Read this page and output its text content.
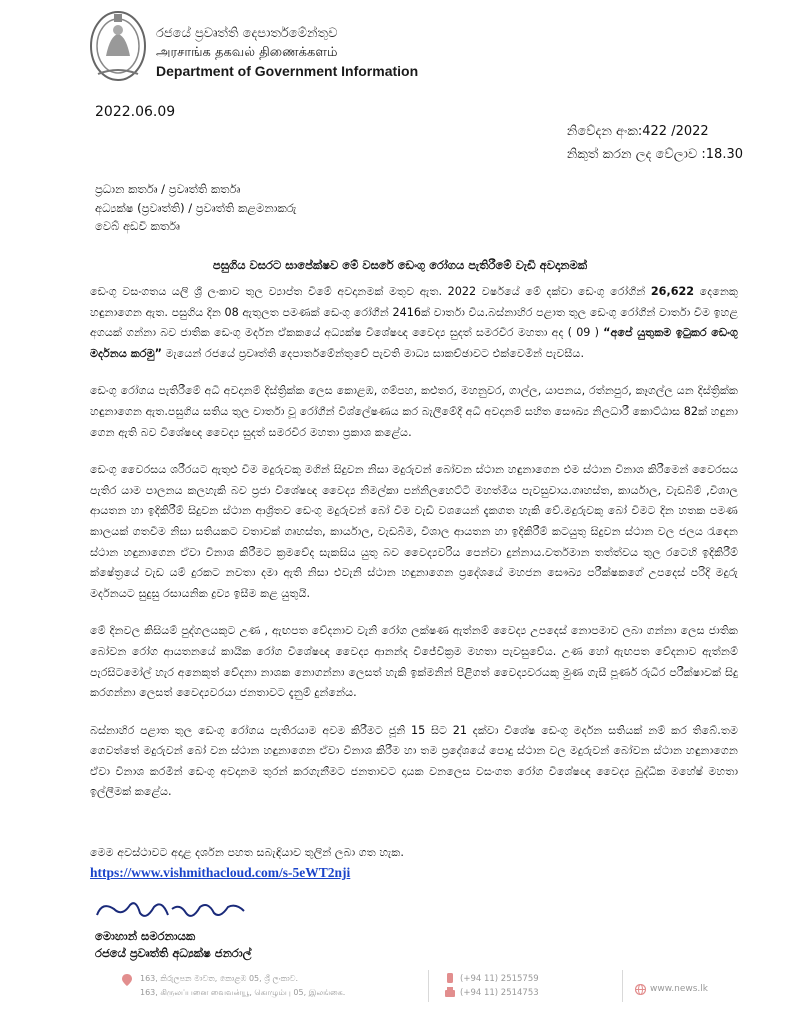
රජයේ ප්‍රවෘත්ති දෙපාර්තමේන්තුව
அரசாங்க தகவல் திணைக்களம்
Department of Government Information
2022.06.09
නිවේදන අංක:422 /2022
නිකුත් කරන ලද වේලාව :18.30
ප්‍රධාන කර්තෘ / ප්‍රවෘත්ති කර්තෘ
අධ්‍යක්ෂ (ප්‍රවෘත්ති) / ප්‍රවෘත්ති කළමනාකරු
වෙබ් අඩවි කර්තෘ
පසුගිය වසරට සාපේක්ෂව මේ වසරේ ඩෙංගු රෝගය පැතිරීමේ වැඩි අවදානමක්

ඩෙංගු වසංගතය යලි ශ්‍රී ලංකාව තුල ව්‍යාප්ත වීමේ අවදානමක් මතුව ඇත. 2022 වර්ෂයේ මේ දක්වා ඩෙංගු රෝගීන් 26,622 දෙනෙකු හඳුනාගෙන ඇත. පසුගිය දින 08 ඇතුලත පමණක් ඩෙංගු රෝගීන් 2416ක් වාර්තා විය.බස්නාහිර පළාත තුල ඩෙංගු රෝගීන් වාර්තා වීම ඉහළ අගයක් ගන්නා බව ජාතික ඩෙංගු මර්දන ඒකකයේ අධ්‍යක්ෂ විශේෂඥ වෛද්‍ය සුදත් සමරවීර මහතා අද ( 09 ) “අපේ යුතුකම ඉටුකර ඩෙංගු මර්දනය කරමු” මැයෙන් රජයේ ප්‍රවෘත්ති දෙපාර්තමේන්තුවේ පැවති මාධ්‍ය සාකච්ඡාවට එක්වෙමින් පැවසීය.

ඩෙංගු රෝගය පැතිරීමේ අධි අවදානම් දිස්ත්‍රික්ක ලෙස කොළඹ, ගම්පහ, කළුතර, මහනුවර, ගාල්ල, යාපනය, රත්නපුර, කෑගල්ල යන දිස්ත්‍රික්ක හඳුනාගෙන ඇත.පසුගිය සතිය තුල වාර්තා වූ රෝගීන් විශ්ලේෂණය කර බැලීමේදී අධි අවදානම් සහිත සෞඛ්‍ය නිලධාරී කොට්ඨාස 82ක් හඳුනා ගෙන ඇති බව විශේෂඥ වෛද්‍ය සුදත් සමරවීර මහතා ප්‍රකාශ කළේය.

ඩෙංගු වෛරසය ශරීරයට ඇතුළු වීම මදුරුවකු මගින් සිදුවන නිසා මදුරුවන් බෝවන ස්ථාන හඳුනාගෙන එම ස්ථාන විනාශ කිරීමෙන් වෛරසය පැතිර යාම පාලනය කලහැකි බව ප්‍රජා විශේෂඥ වෛද්‍ය නිමල්කා පන්නිලහෙට්ටි මහත්මිය පැවසුවාය.ගෘහස්ත, කාර්යාල, වැඩබිම් ,විශාල ආයතන හා ඉදිකිරීම් සිදුවන ස්ථාන ආශ්‍රිතව ඩෙංගු මදුරුවන් බෝ වීම වැඩි වශයෙන් දැකගත හැකි වේ.මදුරුවකු බෝ වීමට දින හතක පමණ කාලයක් ගතවීම නිසා සතියකට වතාවක් ගෘහස්ත, කාර්යාල, වැඩබිම, විශාල ආයතන හා ඉදිකිරීම් කටයුතු සිදුවන ස්ථාන වල ජලය රැඳෙන ස්ථාන හඳුනාගෙන ඒවා විනාශ කිරීමට ක්‍රමවේද සැකසිය යුතු බව වෛද්‍යවරිය පෙන්වා දුන්නාය.වර්තමාන තත්ත්වය තුල රටෙහි ඉදිකිරීම් ක්ෂේත්‍රයේ වැඩ යම් දුරකට නවතා දමා ඇති නිසා එවැනි ස්ථාන හඳුනාගෙන ප්‍රදේශයේ මහජන සෞඛ්‍ය පරීක්ෂකගේ උපදෙස් පරිදි මදුරු මර්දනයට සුදුසු රසායනික ද්‍රව්‍ය ඉසීම කළ යුතුයි.

මේ දිනවල කිසියම් පුද්ගලයකුට උණ , ඇඟපත වේදනාව වැනි රෝග ලක්ෂණ ඇත්නම් වෛද්‍ය උපදෙස් නොපමාව ලබා ගන්නා ලෙස ජාතික බෝවන රෝග ආයතනයේ කායික රෝග විශේෂඥ වෛද්‍ය ආනන්ද විජේවික්‍රම මහතා පැවසුවේය. උණ හෝ ඇඟපත වේදනාව ඇත්නම් පැරසිටමෝල් හැර අනෙකුත් වේදනා නාශක නොගන්නා ලෙසත් හැකි ඉක්මනින් පිළිගත් වෛද්‍යවරයකු මුණ ගැසී පූර්ණ රුධිර පරීක්ෂාවක් සිදු කරගන්නා ලෙසත් වෛද්‍යවරයා ජනතාවට දැනුම් දුන්නේය.

බස්නාහිර පළාත තුල ඩෙංගු රෝගය පැතිරයාම අවම කිරීමට ජූනි 15 සිට 21 දක්වා විශේෂ ඩෙංගු මර්දන සතියක් නම් කර තිබේ.තම ගෙවත්තේ මදුරුවන් බෝ වන ස්ථාන හඳුනාගෙන ඒවා විනාශ කිරීම හා තම ප්‍රදේශයේ පොදු ස්ථාන වල මදුරුවන් බෝවන ස්ථාන හඳුනාගෙන ඒවා විනාශ කරමින් ඩෙංගු අවදානම තුරන් කරගැනීමට ජනතාවට දායක වනලෙස වසංගත රෝග විශේෂඥ වෛද්‍ය බුද්ධික මහේෂ් මහතා ඉල්ලීමක් කළේය.

මෙම අවස්ථාවට අදාළ දර්ශන පහත සබැඳියාව තුලින් ලබා ගත හැක.
https://www.vishmithacloud.com/s-5eWT2nji
මොහාන් සමරනායක
රජයේ ප්‍රවෘත්ති අධ්‍යක්ෂ ජනරාල්
163, කිරුලපන මාවත, කොළඹ 05, ශ්‍රී ලංකාව.
163, கிருலப்பனை வைவன்யூ, கொழும்பு 05, இலங்கை.
(+94 11) 2515759
(+94 11) 2514753	www.news.lk
